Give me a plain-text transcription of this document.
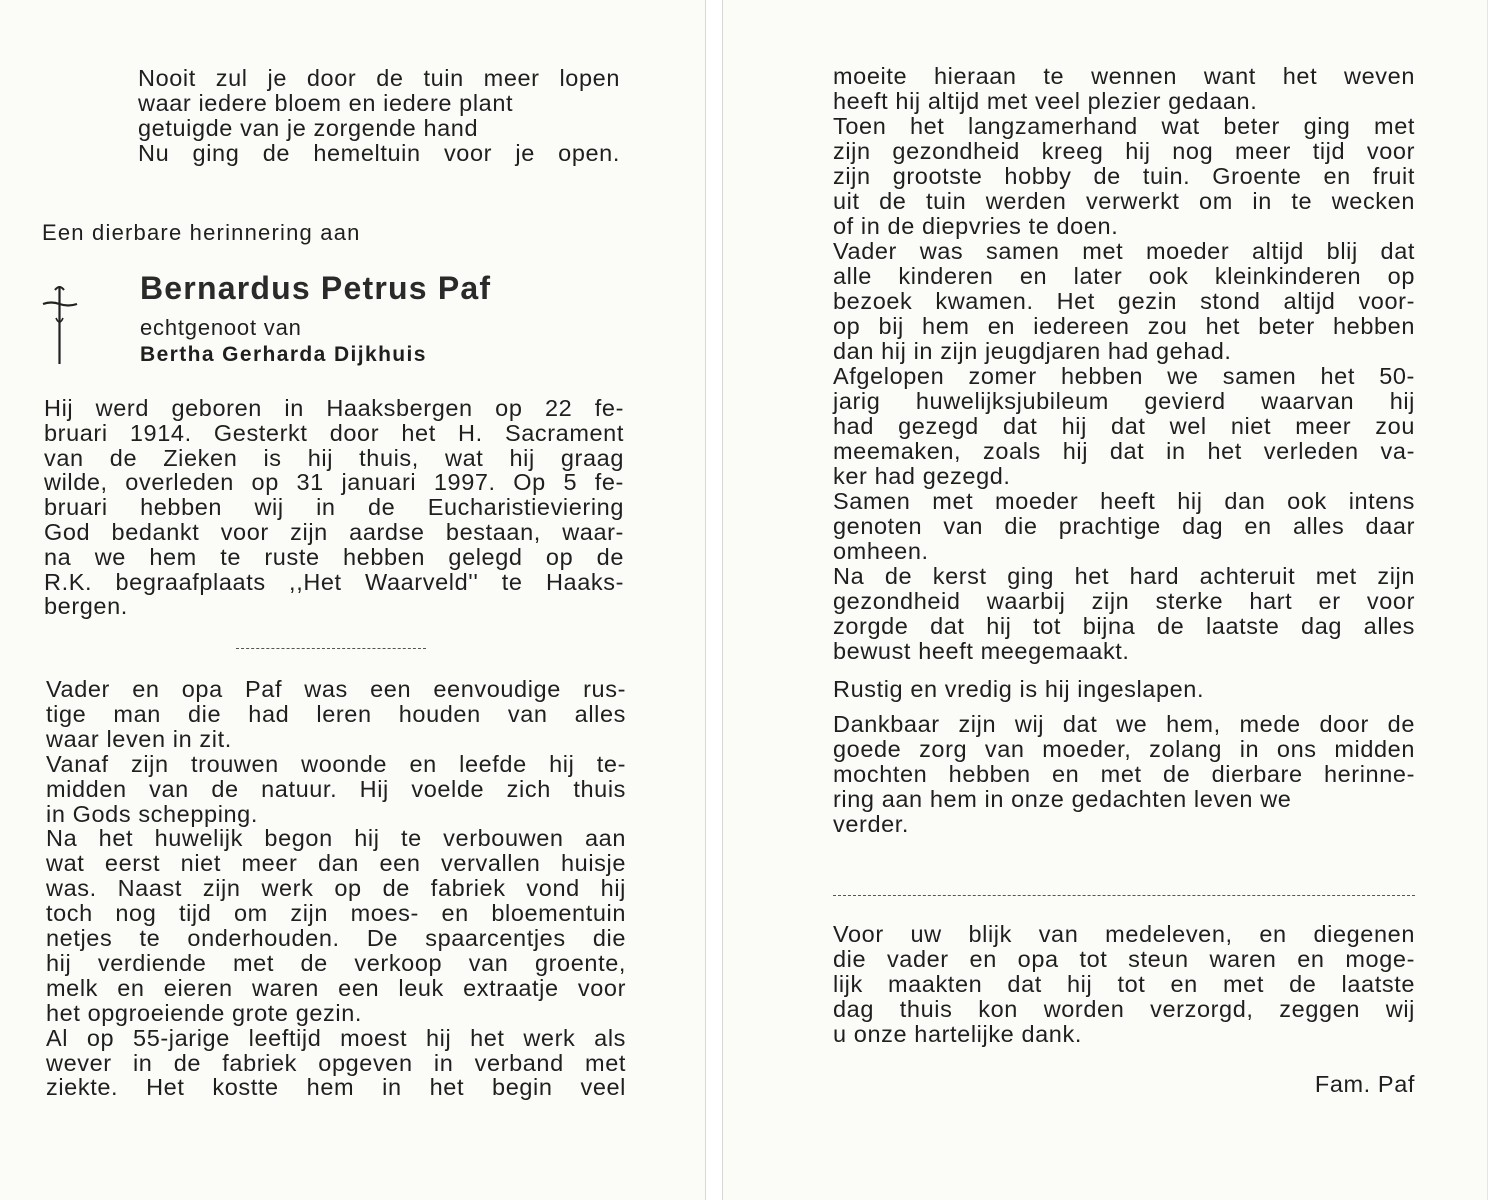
Nooit zul je door de tuin meer lopen
waar iedere bloem en iedere plant
getuigde van je zorgende hand
Nu ging de hemeltuin voor je open.
Een dierbare herinnering aan
Bernardus Petrus Paf
echtgenoot van
Bertha Gerharda Dijkhuis
Hij werd geboren in Haaksbergen op 22 fe-
bruari 1914. Gesterkt door het H. Sacrament
van de Zieken is hij thuis, wat hij graag
wilde, overleden op 31 januari 1997. Op 5 fe-
bruari hebben wij in de Eucharistieviering
God bedankt voor zijn aardse bestaan, waar-
na we hem te ruste hebben gelegd op de
R.K. begraafplaats ,,Het Waarveld'' te Haaks-
bergen.
Vader en opa Paf was een eenvoudige rus-
tige man die had leren houden van alles
waar leven in zit.
Vanaf zijn trouwen woonde en leefde hij te-
midden van de natuur. Hij voelde zich thuis
in Gods schepping.
Na het huwelijk begon hij te verbouwen aan
wat eerst niet meer dan een vervallen huisje
was. Naast zijn werk op de fabriek vond hij
toch nog tijd om zijn moes- en bloementuin
netjes te onderhouden. De spaarcentjes die
hij verdiende met de verkoop van groente,
melk en eieren waren een leuk extraatje voor
het opgroeiende grote gezin.
Al op 55-jarige leeftijd moest hij het werk als
wever in de fabriek opgeven in verband met
ziekte. Het kostte hem in het begin veel
moeite hieraan te wennen want het weven
heeft hij altijd met veel plezier gedaan.
Toen het langzamerhand wat beter ging met
zijn gezondheid kreeg hij nog meer tijd voor
zijn grootste hobby de tuin. Groente en fruit
uit de tuin werden verwerkt om in te wecken
of in de diepvries te doen.
Vader was samen met moeder altijd blij dat
alle kinderen en later ook kleinkinderen op
bezoek kwamen. Het gezin stond altijd voor-
op bij hem en iedereen zou het beter hebben
dan hij in zijn jeugdjaren had gehad.
Afgelopen zomer hebben we samen het 50-
jarig huwelijksjubileum gevierd waarvan hij
had gezegd dat hij dat wel niet meer zou
meemaken, zoals hij dat in het verleden va-
ker had gezegd.
Samen met moeder heeft hij dan ook intens
genoten van die prachtige dag en alles daar
omheen.
Na de kerst ging het hard achteruit met zijn
gezondheid waarbij zijn sterke hart er voor
zorgde dat hij tot bijna de laatste dag alles
bewust heeft meegemaakt.
Rustig en vredig is hij ingeslapen.
Dankbaar zijn wij dat we hem, mede door de
goede zorg van moeder, zolang in ons midden
mochten hebben en met de dierbare herinne-
ring aan hem in onze gedachten leven we
verder.
Voor uw blijk van medeleven, en diegenen
die vader en opa tot steun waren en moge-
lijk maakten dat hij tot en met de laatste
dag thuis kon worden verzorgd, zeggen wij
u onze hartelijke dank.
Fam. Paf
